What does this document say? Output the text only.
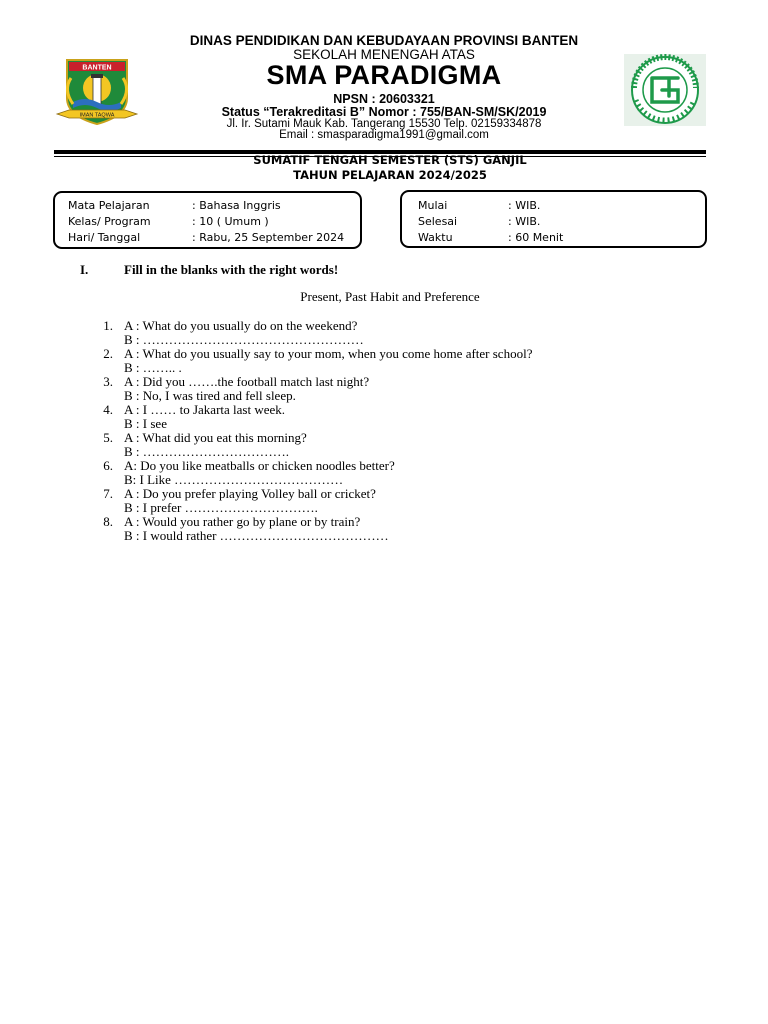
DINAS PENDIDIKAN DAN KEBUDAYAAN PROVINSI BANTEN
SEKOLAH MENENGAH ATAS
SMA PARADIGMA
NPSN : 20603321
Status “Terakreditasi B” Nomor : 755/BAN-SM/SK/2019
Jl. Ir. Sutami Mauk Kab. Tangerang 15530 Telp. 02159334878
Email : smasparadigma1991@gmail.com
BANTEN
IMAN TAQWA
SUMATIF TENGAH SEMESTER (STS) GANJIL
TAHUN PELAJARAN 2024/2025
Mata Pelajaran	: Bahasa Inggris
Kelas/ Program	: 10 ( Umum )
Hari/ Tanggal	: Rabu, 25 September 2024
Mulai	: WIB.
Selesai	: WIB.
Waktu	: 60 Menit
I.	Fill in the blanks with the right words!
Present, Past Habit and Preference
1. A : What do you usually do on the weekend?
B : ……………………………………………
2. A : What do you usually say to your mom, when you come home after school?
B : …….. .
3. A : Did you …….the football match last night?
B : No, I was tired and fell sleep.
4. A : I …… to Jakarta last week.
B : I see
5. A : What did you eat this morning?
B : …………………………….
6. A: Do you like meatballs or chicken noodles better?
B: I Like …………………………………
7. A : Do you prefer playing Volley ball or cricket?
B : I prefer ………………………….
8. A : Would you rather go by plane or by train?
B : I would rather …………………………………
